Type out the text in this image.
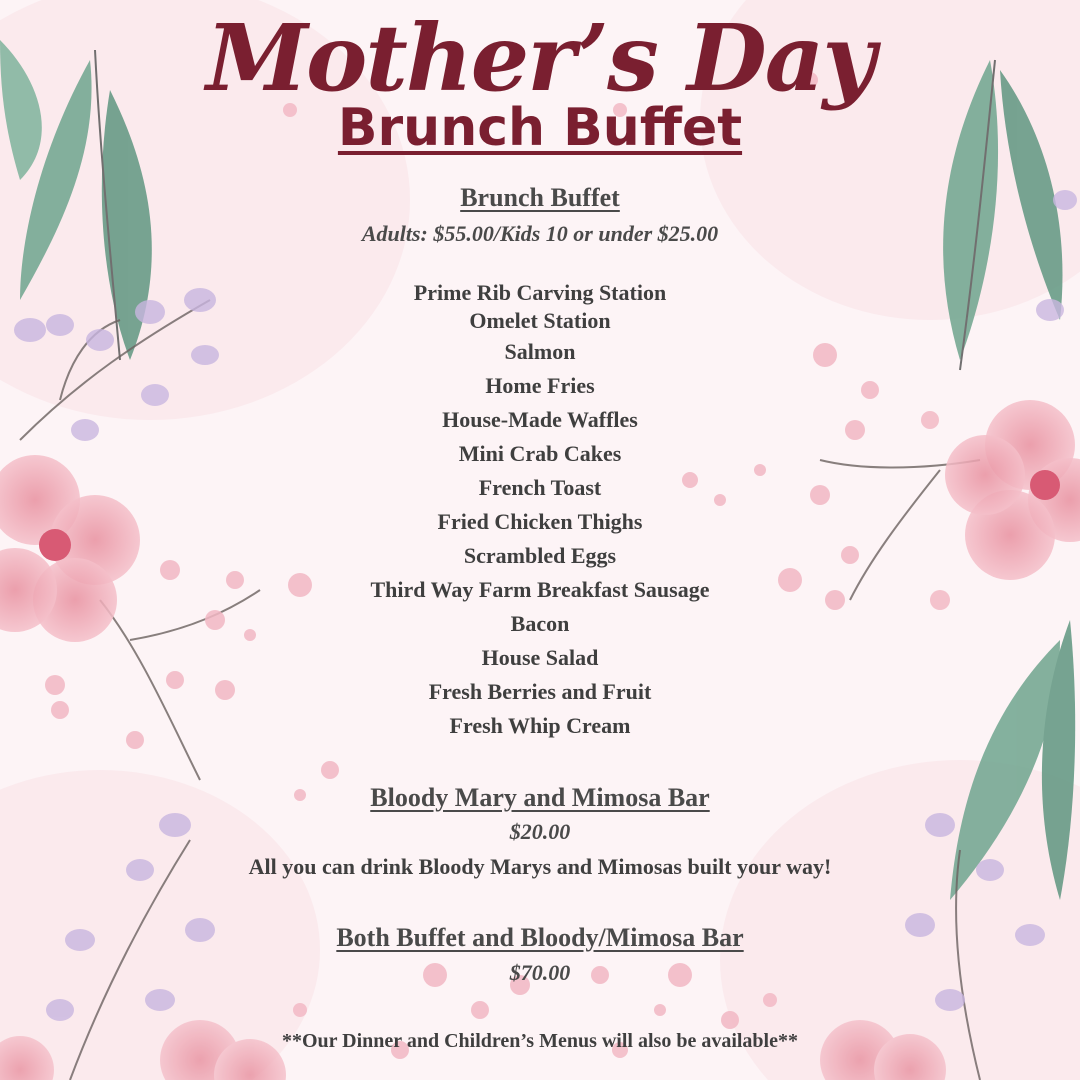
Mother’s Day
Brunch Buffet
Brunch Buffet
Adults: $55.00/Kids 10 or under $25.00
Prime Rib Carving Station
Omelet Station
Salmon
Home Fries
House-Made Waffles
Mini Crab Cakes
French Toast
Fried Chicken Thighs
Scrambled Eggs
Third Way Farm Breakfast Sausage
Bacon
House Salad
Fresh Berries and Fruit
Fresh Whip Cream
Bloody Mary and Mimosa Bar
$20.00
All you can drink Bloody Marys and Mimosas built your way!
Both Buffet and Bloody/Mimosa Bar
$70.00
**Our Dinner and Children’s Menus will also be available**
